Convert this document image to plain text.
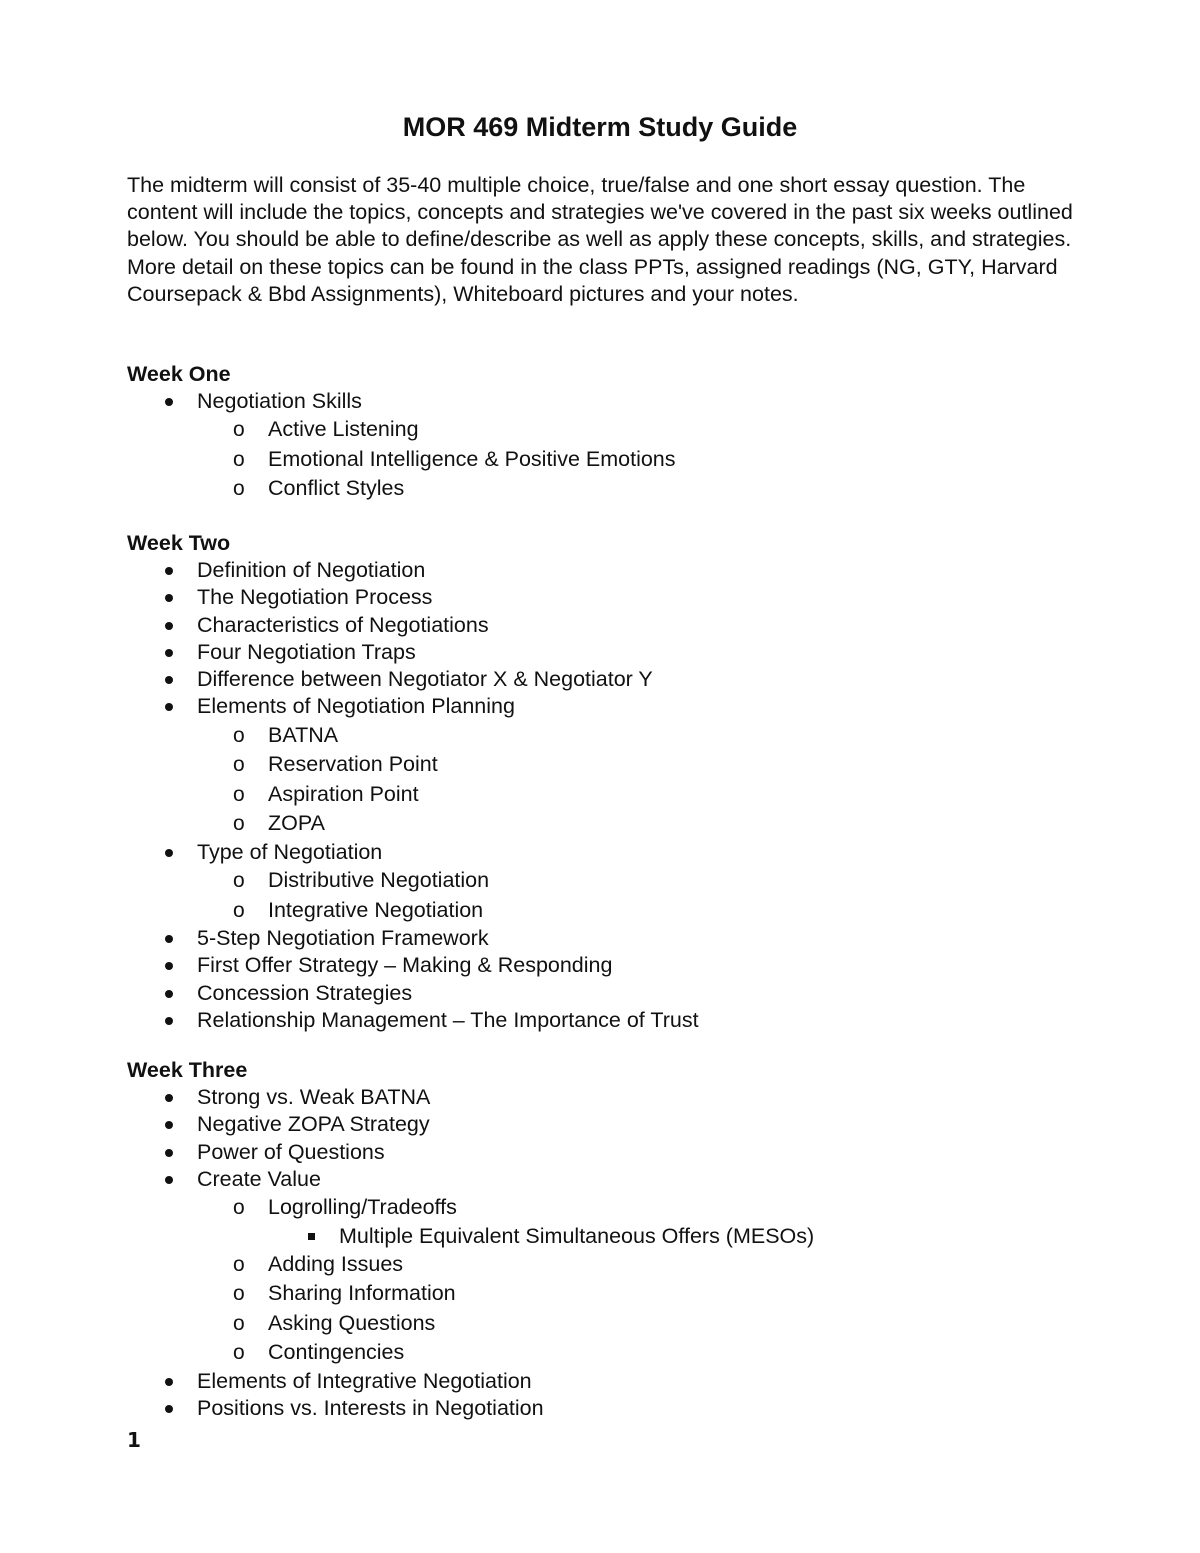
MOR 469 Midterm Study Guide

The midterm will consist of 35-40 multiple choice, true/false and one short essay question. The content will include the topics, concepts and strategies we've covered in the past six weeks outlined below. You should be able to define/describe as well as apply these concepts, skills, and strategies. More detail on these topics can be found in the class PPTs, assigned readings (NG, GTY, Harvard Coursepack & Bbd Assignments), Whiteboard pictures and your notes.

Week One
Negotiation Skills
o Active Listening
o Emotional Intelligence & Positive Emotions
o Conflict Styles
Week Two
Definition of Negotiation
The Negotiation Process
Characteristics of Negotiations
Four Negotiation Traps
Difference between Negotiator X & Negotiator Y
Elements of Negotiation Planning
o BATNA
o Reservation Point
o Aspiration Point
o ZOPA
Type of Negotiation
o Distributive Negotiation
o Integrative Negotiation
5-Step Negotiation Framework
First Offer Strategy – Making & Responding
Concession Strategies
Relationship Management – The Importance of Trust
Week Three
Strong vs. Weak BATNA
Negative ZOPA Strategy
Power of Questions
Create Value
o Logrolling/Tradeoffs
Multiple Equivalent Simultaneous Offers (MESOs)
o Adding Issues
o Sharing Information
o Asking Questions
o Contingencies
Elements of Integrative Negotiation
Positions vs. Interests in Negotiation
1
